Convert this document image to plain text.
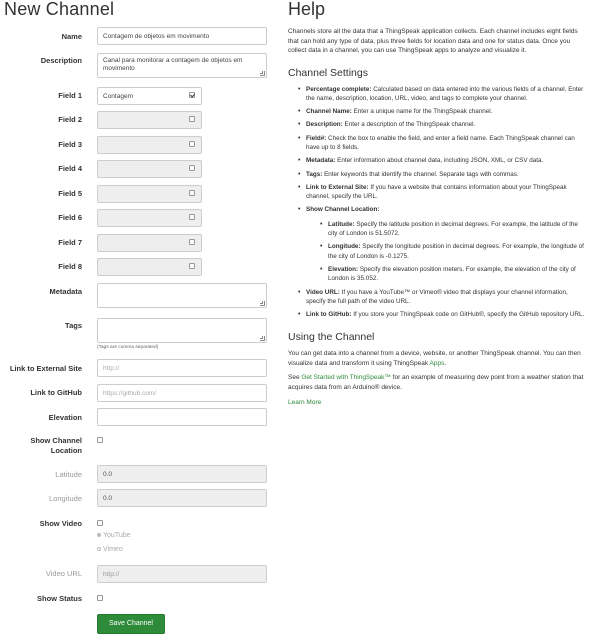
New Channel
Name	Contagem de objetos em movimento
Description	Canal para monitorar a contagem de objetos em movimento
Field 1	Contagem
Field 2
Field 3
Field 4
Field 5
Field 6
Field 7
Field 8
Metadata
Tags
(Tags are comma separated)
Link to External Site	http://
Link to GitHub	https://github.com/
Elevation
Show Channel
Location
Latitude	0.0
Longitude	0.0
Show Video
YouTube
Vimeo
Video URL	http://
Show Status
Save Channel
Help

Channels store all the data that a ThingSpeak application collects. Each channel includes eight fields that can hold any type of data, plus three fields for location data and one for status data. Once you collect data in a channel, you can use ThingSpeak apps to analyze and visualize it.

Channel Settings
• Percentage complete: Calculated based on data entered into the various fields of a channel. Enter the name, description, location, URL, video, and tags to complete your channel.
• Channel Name: Enter a unique name for the ThingSpeak channel.
• Description: Enter a description of the ThingSpeak channel.
• Field#: Check the box to enable the field, and enter a field name. Each ThingSpeak channel can have up to 8 fields.
• Metadata: Enter information about channel data, including JSON, XML, or CSV data.
• Tags: Enter keywords that identify the channel. Separate tags with commas.
• Link to External Site: If you have a website that contains information about your ThingSpeak channel, specify the URL.
• Show Channel Location:
• Latitude: Specify the latitude position in decimal degrees. For example, the latitude of the city of London is 51.5072.
• Longitude: Specify the longitude position in decimal degrees. For example, the longitude of the city of London is -0.1275.
• Elevation: Specify the elevation position meters. For example, the elevation of the city of London is 35.052.
• Video URL: If you have a YouTube™ or Vimeo® video that displays your channel information, specify the full path of the video URL.
• Link to GitHub: If you store your ThingSpeak code on GitHub®, specify the GitHub repository URL.
Using the Channel

You can get data into a channel from a device, website, or another ThingSpeak channel. You can then visualize data and transform it using ThingSpeak Apps.

See Get Started with ThingSpeak™ for an example of measuring dew point from a weather station that acquires data from an Arduino® device.

Learn More
